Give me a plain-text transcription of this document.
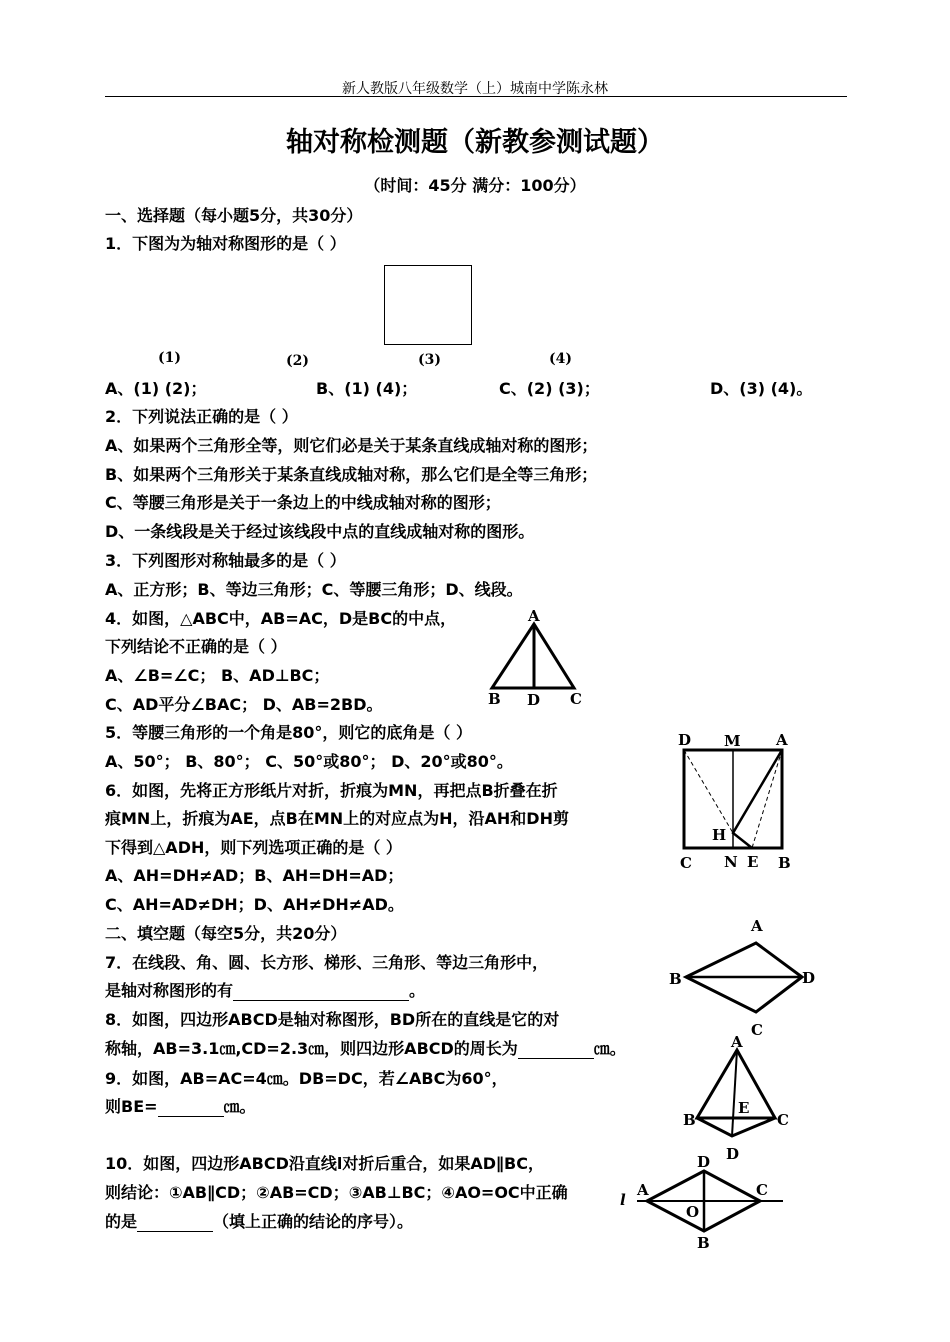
新人教版八年级数学（上）城南中学陈永林
轴对称检测题（新教参测试题）
（时间：45分 满分：100分）
一、选择题（每小题5分，共30分）
1．下图为为轴对称图形的是（ ）
(1)	(2)	(3)	(4)
A、(1) (2)；	B、(1) (4)；	C、(2) (3)；	D、(3) (4)。
2．下列说法正确的是（ ）
A、如果两个三角形全等，则它们必是关于某条直线成轴对称的图形；
B、如果两个三角形关于某条直线成轴对称，那么它们是全等三角形；
C、等腰三角形是关于一条边上的中线成轴对称的图形；
D、一条线段是关于经过该线段中点的直线成轴对称的图形。
3．下列图形对称轴最多的是（ ）
A、正方形；B、等边三角形；C、等腰三角形；D、线段。
4．如图，△ABC中，AB=AC，D是BC的中点，
下列结论不正确的是（ ）
A、∠B=∠C； B、AD⊥BC；
C、AD平分∠BAC； D、AB=2BD。
A
B D C
5．等腰三角形的一个角是80°，则它的底角是（ ）
A、50°； B、80°； C、50°或80°； D、20°或80°。
6．如图，先将正方形纸片对折，折痕为MN，再把点B折叠在折
痕MN上，折痕为AE，点B在MN上的对应点为H，沿AH和DH剪
下得到△ADH，则下列选项正确的是（ ）
A、AH=DH≠AD；B、AH=DH=AD；
C、AH=AD≠DH；D、AH≠DH≠AD。
D M A
H
C N E B
二、填空题（每空5分，共20分）
7．在线段、角、圆、长方形、梯形、三角形、等边三角形中，
是轴对称图形的有	。
8．如图，四边形ABCD是轴对称图形，BD所在的直线是它的对
称轴，AB=3.1㎝,CD=2.3㎝，则四边形ABCD的周长为	㎝。
A
B	D
C
9．如图，AB=AC=4㎝。DB=DC，若∠ABC为60°，
则BE=	㎝。
A
B
E
C
D
10．如图，四边形ABCD沿直线l对折后重合，如果AD∥BC，
则结论：①AB∥CD；②AB=CD；③AB⊥BC；④AO=OC中正确
的是	（填上正确的结论的序号）。
l
A
D
C
O
B
